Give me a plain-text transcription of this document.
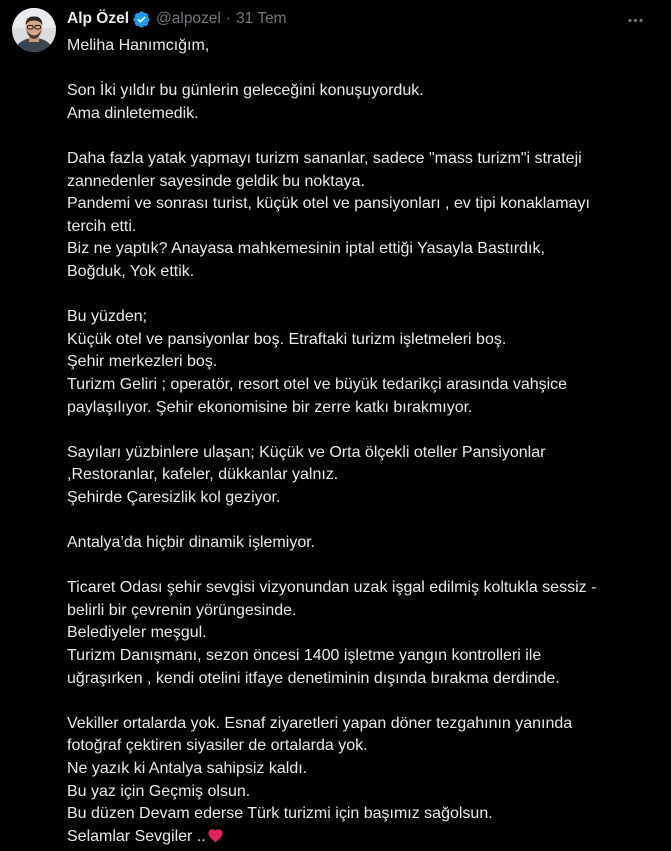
Alp Özel @alpozel · 31 Tem
Meliha Hanımcığım,
Son İki yıldır bu günlerin geleceğini konuşuyorduk.
Ama dinletemedik.
Daha fazla yatak yapmayı turizm sananlar, sadece "mass turizm"i strateji
zannedenler sayesinde geldik bu noktaya.
Pandemi ve sonrası turist, küçük otel ve pansiyonları , ev tipi konaklamayı
tercih etti.
Biz ne yaptık? Anayasa mahkemesinin iptal ettiği Yasayla Bastırdık,
Boğduk, Yok ettik.
Bu yüzden;
Küçük otel ve pansiyonlar boş. Etraftaki turizm işletmeleri boş.
Şehir merkezleri boş.
Turizm Geliri ; operatör, resort otel ve büyük tedarikçi arasında vahşice
paylaşılıyor. Şehir ekonomisine bir zerre katkı bırakmıyor.
Sayıları yüzbinlere ulaşan; Küçük ve Orta ölçekli oteller Pansiyonlar
,Restoranlar, kafeler, dükkanlar yalnız.
Şehirde Çaresizlik kol geziyor.
Antalya’da hiçbir dinamik işlemiyor.
Ticaret Odası şehir sevgisi vizyonundan uzak işgal edilmiş koltukla sessiz -
belirli bir çevrenin yörüngesinde.
Belediyeler meşgul.
Turizm Danışmanı, sezon öncesi 1400 işletme yangın kontrolleri ile
uğraşırken , kendi otelini itfaye denetiminin dışında bırakma derdinde.
Vekiller ortalarda yok. Esnaf ziyaretleri yapan döner tezgahının yanında
fotoğraf çektiren siyasiler de ortalarda yok.
Ne yazık ki Antalya sahipsiz kaldı.
Bu yaz için Geçmiş olsun.
Bu düzen Devam ederse Türk turizmi için başımız sağolsun.
Selamlar Sevgiler ..
